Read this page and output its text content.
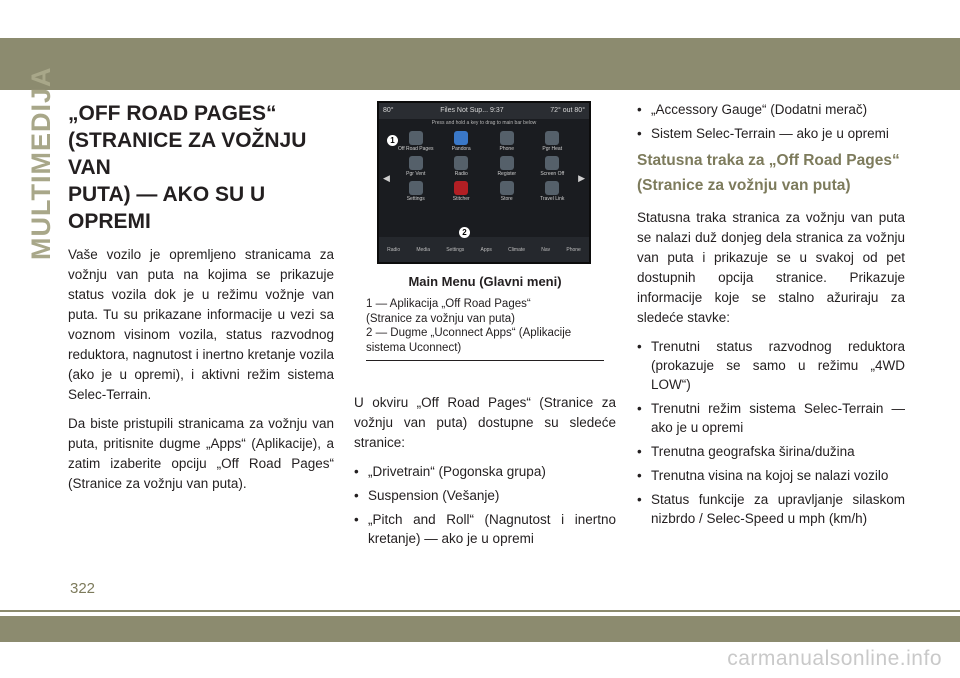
MULTIMEDIJA „OFF ROAD PAGES“
(STRANICE ZA VOŽNJU VAN
PUTA) — AKO SU U OPREMI

Vaše vozilo je opremljeno stranicama za vožnju van puta na kojima se prikazuje status vozila dok je u režimu vožnje van puta. Tu su prikazane informacije u vezi sa voznom visinom vozila, status razvodnog reduktora, nagnutost i inertno kretanje vozila (ako je u opremi), i aktivni režim sistema Selec-Terrain.

Da biste pristupili stranicama za vožnju van puta, pritisnite dugme „Apps“ (Aplikacije), a zatim izaberite opciju „Off Road Pages“ (Stranice za vožnju van puta).

80°	Files Not Sup... 9:37	72° out 80°
Press and hold a key to drag to main bar below
Off Road Pages	Pandora	Phone	Pgr Heat
Pgr Vent	Radio	Register	Screen Off
Settings	Stitcher	Store	Travel Link
◀	▶
Radio	Media	Settings	Apps	Climate	Nav	Phone
1
2
Main Menu (Glavni meni)
1 — Aplikacija „Off Road Pages“
(Stranice za vožnju van puta)
2 — Dugme „Uconnect Apps“ (Aplikacije
sistema Uconnect)

U okviru „Off Road Pages“ (Stranice za vožnju van puta) dostupne su sledeće stranice:

• „Drivetrain“ (Pogonska grupa)
• Suspension (Vešanje)
• „Pitch and Roll“ (Nagnutost i inertno kretanje) — ako je u opremi
• „Accessory Gauge“ (Dodatni merač)
• Sistem Selec-Terrain — ako je u opremi
Statusna traka za „Off Road Pages“ (Stranice za vožnju van puta)

Statusna traka stranica za vožnju van puta se nalazi duž donjeg dela stranica za vožnju van puta i prikazuje se u svakoj od pet dostupnih opcija stranice. Prikazuje informacije koje se stalno ažuriraju za sledeće stavke:

• Trenutni status razvodnog reduktora (prokazuje se samo u režimu „4WD LOW“)
• Trenutni režim sistema Selec-Terrain — ako je u opremi
• Trenutna geografska širina/dužina
• Trenutna visina na kojoj se nalazi vozilo
• Status funkcije za upravljanje silaskom nizbrdo / Selec-Speed u mph (km/h)
322
carmanualsonline.info
